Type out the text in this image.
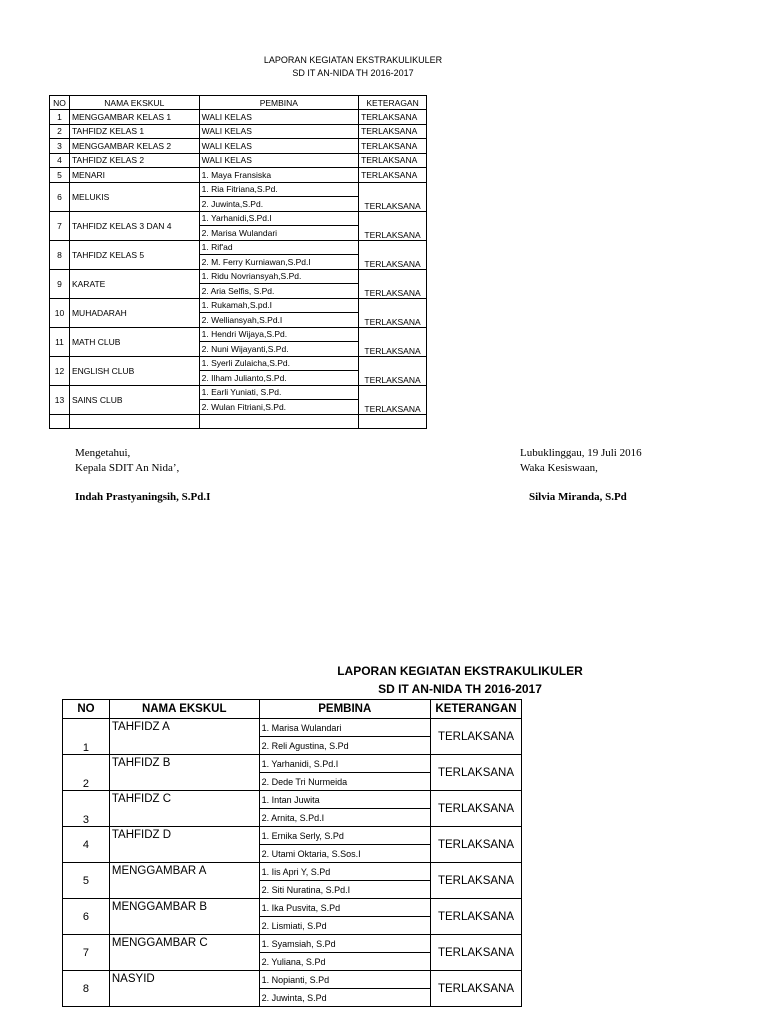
LAPORAN KEGIATAN EKSTRAKULIKULER
SD IT AN-NIDA TH 2016-2017
NO	NAMA EKSKUL	PEMBINA	KETERAGAN
1	MENGGAMBAR KELAS 1	WALI KELAS	TERLAKSANA
2	TAHFIDZ KELAS 1	WALI KELAS	TERLAKSANA
3	MENGGAMBAR KELAS 2	WALI KELAS	TERLAKSANA
4	TAHFIDZ KELAS 2	WALI KELAS	TERLAKSANA
5	MENARI	1. Maya Fransiska	TERLAKSANA
6	MELUKIS	1. Ria Fitriana,S.Pd.	TERLAKSANA
		2. Juwinta,S.Pd.	
7	TAHFIDZ KELAS 3 DAN 4	1. Yarhanidi,S.Pd.I	TERLAKSANA
		2. Marisa Wulandari	
8	TAHFIDZ KELAS 5	1. Rif'ad	TERLAKSANA
		2. M. Ferry Kurniawan,S.Pd.I	
9	KARATE	1. Ridu Novriansyah,S.Pd.	TERLAKSANA
		2. Aria Selfis, S.Pd.	
10	MUHADARAH	1. Rukamah,S.pd.I	TERLAKSANA
		2. Welliansyah,S.Pd.I	
11	MATH CLUB	1. Hendri Wijaya,S.Pd.	TERLAKSANA
		2. Nuni Wijayanti,S.Pd.	
12	ENGLISH CLUB	1. Syerli Zulaicha,S.Pd.	TERLAKSANA
		2. Ilham Julianto,S.Pd.	
13	SAINS CLUB	1. Earli Yuniati, S.Pd.	TERLAKSANA
		2. Wulan Fitriani,S.Pd.	

Mengetahui,
Kepala SDIT An Nida’,
Indah Prastyaningsih, S.Pd.I
Lubuklinggau, 19 Juli 2016
Waka Kesiswaan,
Silvia Miranda, S.Pd
LAPORAN KEGIATAN EKSTRAKULIKULER
SD IT AN-NIDA TH 2016-2017
NO	NAMA EKSKUL	PEMBINA	KETERANGAN
1	TAHFIDZ A	1. Marisa Wulandari	TERLAKSANA
		2. Reli Agustina, S.Pd	
2	TAHFIDZ B	1. Yarhanidi, S.Pd.I	TERLAKSANA
		2. Dede Tri Nurmeida	
3	TAHFIDZ C	1. Intan Juwita	TERLAKSANA
		2. Arnita, S.Pd.I	
4	TAHFIDZ D	1. Ernika Serly, S.Pd	TERLAKSANA
		2. Utami Oktaria, S.Sos.I	
5	MENGGAMBAR A	1. Iis Apri Y, S.Pd	TERLAKSANA
		2. Siti Nuratina, S.Pd.I	
6	MENGGAMBAR B	1. Ika Pusvita, S.Pd	TERLAKSANA
		2. Lismiati, S.Pd	
7	MENGGAMBAR C	1. Syamsiah, S.Pd	TERLAKSANA
		2. Yuliana, S.Pd	
8	NASYID	1. Nopianti, S.Pd	TERLAKSANA
		2. Juwinta, S.Pd	
